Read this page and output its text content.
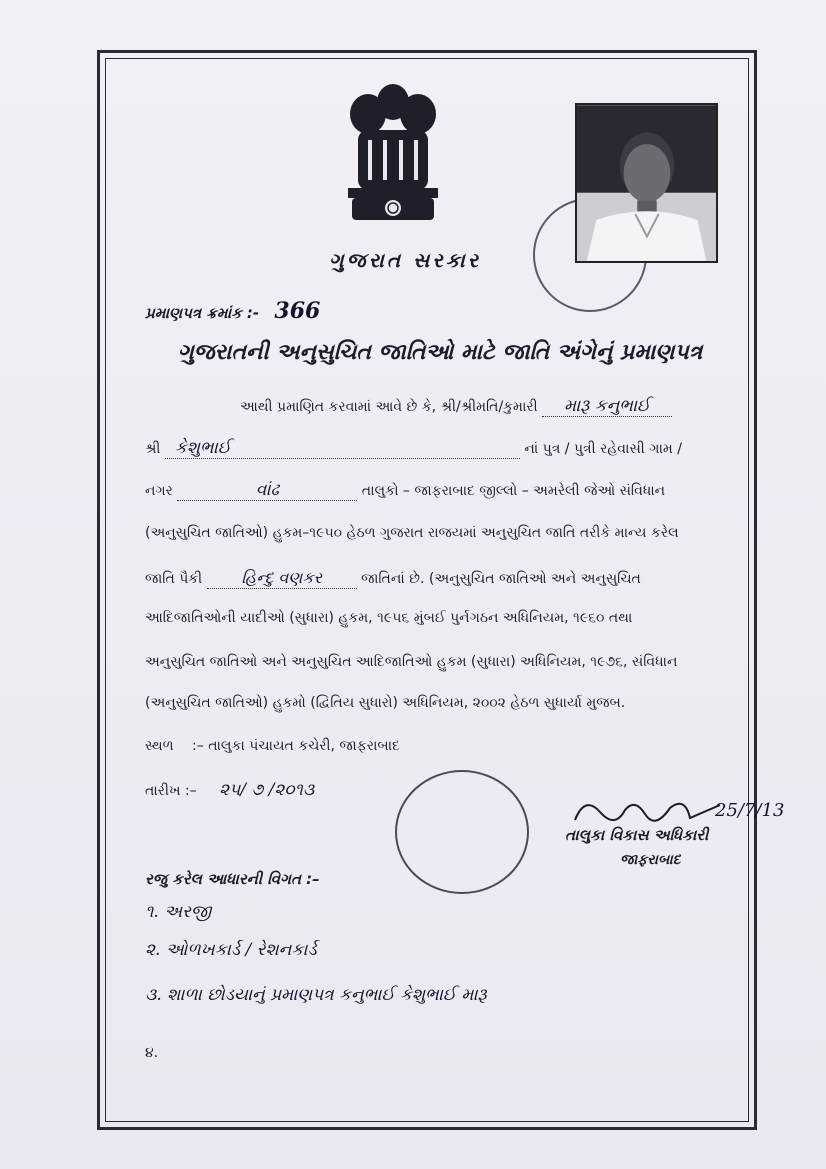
ગુજરાત સરકાર
પ્રમાણપત્ર ક્રમાંક :- 366
ગુજરાતની અનુસુચિત જાતિઓ માટે જાતિ અંગેનું પ્રમાણપત્ર
આથી પ્રમાણિત કરવામાં આવે છે કે, શ્રી/શ્રીમતિ/કુમારી મારૂ કનુભાઈ
શ્રી કેશુભાઈ	નાં પુત્ર / પુત્રી રહેવાસી ગામ /
નગર	વાંઢ	તાલુકો – જાફરાબાદ જીલ્લો – અમરેલી જેઓ સંવિધાન
(અનુસુચિત જાતિઓ) હુકમ–૧૯૫૦ હેઠળ ગુજરાત રાજયમાં અનુસુચિત જાતિ તરીકે માન્ય કરેલ
જાતિ પૈકી હિન્દુ વણકર	જાતિનાં છે. (અનુસુચિત જાતિઓ અને અનુસુચિત
આદિજાતિઓની યાદીઓ (સુધારા) હુકમ, ૧૯૫૬ મુંબઈ પુર્નગઠન અધિનિયમ, ૧૯૬૦ તથા
અનુસુચિત જાતિઓ અને અનુસુચિત આદિજાતિઓ હુકમ (સુધારા) અધિનિયમ, ૧૯૭૬, સંવિધાન
(અનુસુચિત જાતિઓ) હુકમો (દ્વિતિય સુધારો) અધિનિયમ, ૨૦૦૨ હેઠળ સુધાર્યા મુજબ.
સ્થળ :– તાલુકા પંચાયત કચેરી, જાફરાબાદ
તારીખ :– ૨૫/ ૭ /૨૦૧૩
25/7/13
તાલુકા વિકાસ અધિકારી
જાફરાબાદ
રજુ કરેલ આધારની વિગત :–
૧. અરજી
૨. ઓળખકાર્ડ / રેશનકાર્ડ
૩. શાળા છોડયાનું પ્રમાણપત્ર કનુભાઈ કેશુભાઈ મારૂ
૪.
